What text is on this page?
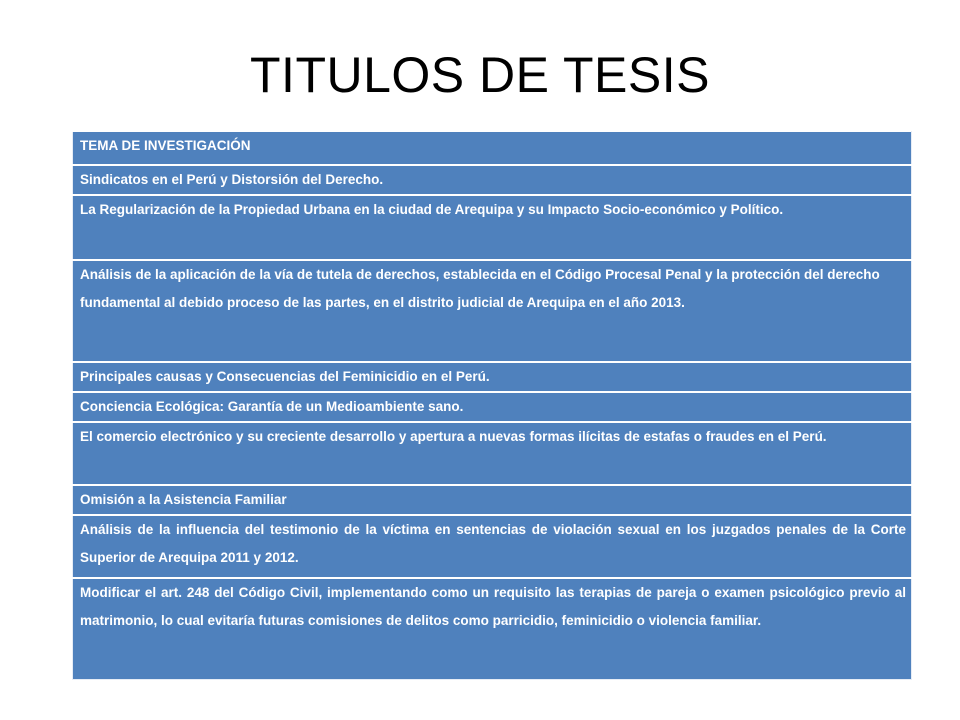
TITULOS DE TESIS
TEMA DE INVESTIGACIÓN
Sindicatos en el Perú y Distorsión del Derecho.
La Regularización de la Propiedad Urbana en la ciudad de Arequipa y su Impacto Socio-económico y Político.
Análisis de la aplicación de la vía de tutela de derechos, establecida en el Código Procesal Penal y la protección del derecho fundamental al debido proceso de las partes, en el distrito judicial de Arequipa en el año 2013.
Principales causas y Consecuencias del Feminicidio en el Perú.
Conciencia Ecológica: Garantía de un Medioambiente sano.
El comercio electrónico y su creciente desarrollo y apertura a nuevas formas ilícitas de estafas o fraudes en el Perú.
Omisión a la Asistencia Familiar
Análisis de la influencia del testimonio de la víctima en sentencias de violación sexual en los juzgados penales de la Corte Superior de Arequipa 2011 y 2012.
Modificar el art. 248 del Código Civil, implementando como un requisito las terapias de pareja o examen psicológico previo al matrimonio, lo cual evitaría futuras comisiones de delitos como parricidio, feminicidio o violencia familiar.
